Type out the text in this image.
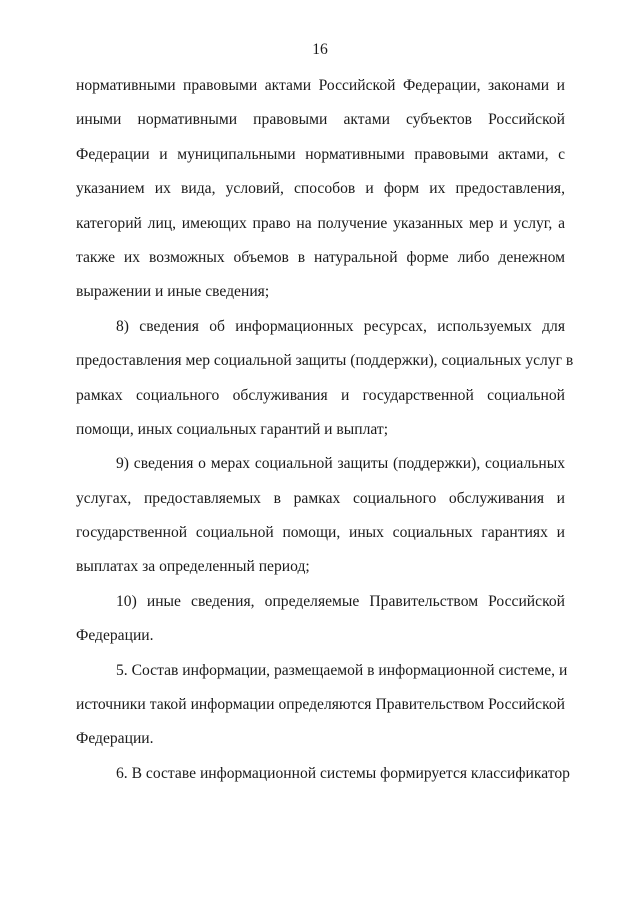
16
нормативными правовыми актами Российской Федерации, законами и
иными нормативными правовыми актами субъектов Российской
Федерации и муниципальными нормативными правовыми актами, с
указанием их вида, условий, способов и форм их предоставления,
категорий лиц, имеющих право на получение указанных мер и услуг, а
также их возможных объемов в натуральной форме либо денежном
выражении и иные сведения;
8) сведения об информационных ресурсах, используемых для
предоставления мер социальной защиты (поддержки), социальных услуг в
рамках социального обслуживания и государственной социальной
помощи, иных социальных гарантий и выплат;
9) сведения о мерах социальной защиты (поддержки), социальных
услугах, предоставляемых в рамках социального обслуживания и
государственной социальной помощи, иных социальных гарантиях и
выплатах за определенный период;
10) иные сведения, определяемые Правительством Российской
Федерации.
5. Состав информации, размещаемой в информационной системе, и
источники такой информации определяются Правительством Российской
Федерации.
6. В составе информационной системы формируется классификатор
